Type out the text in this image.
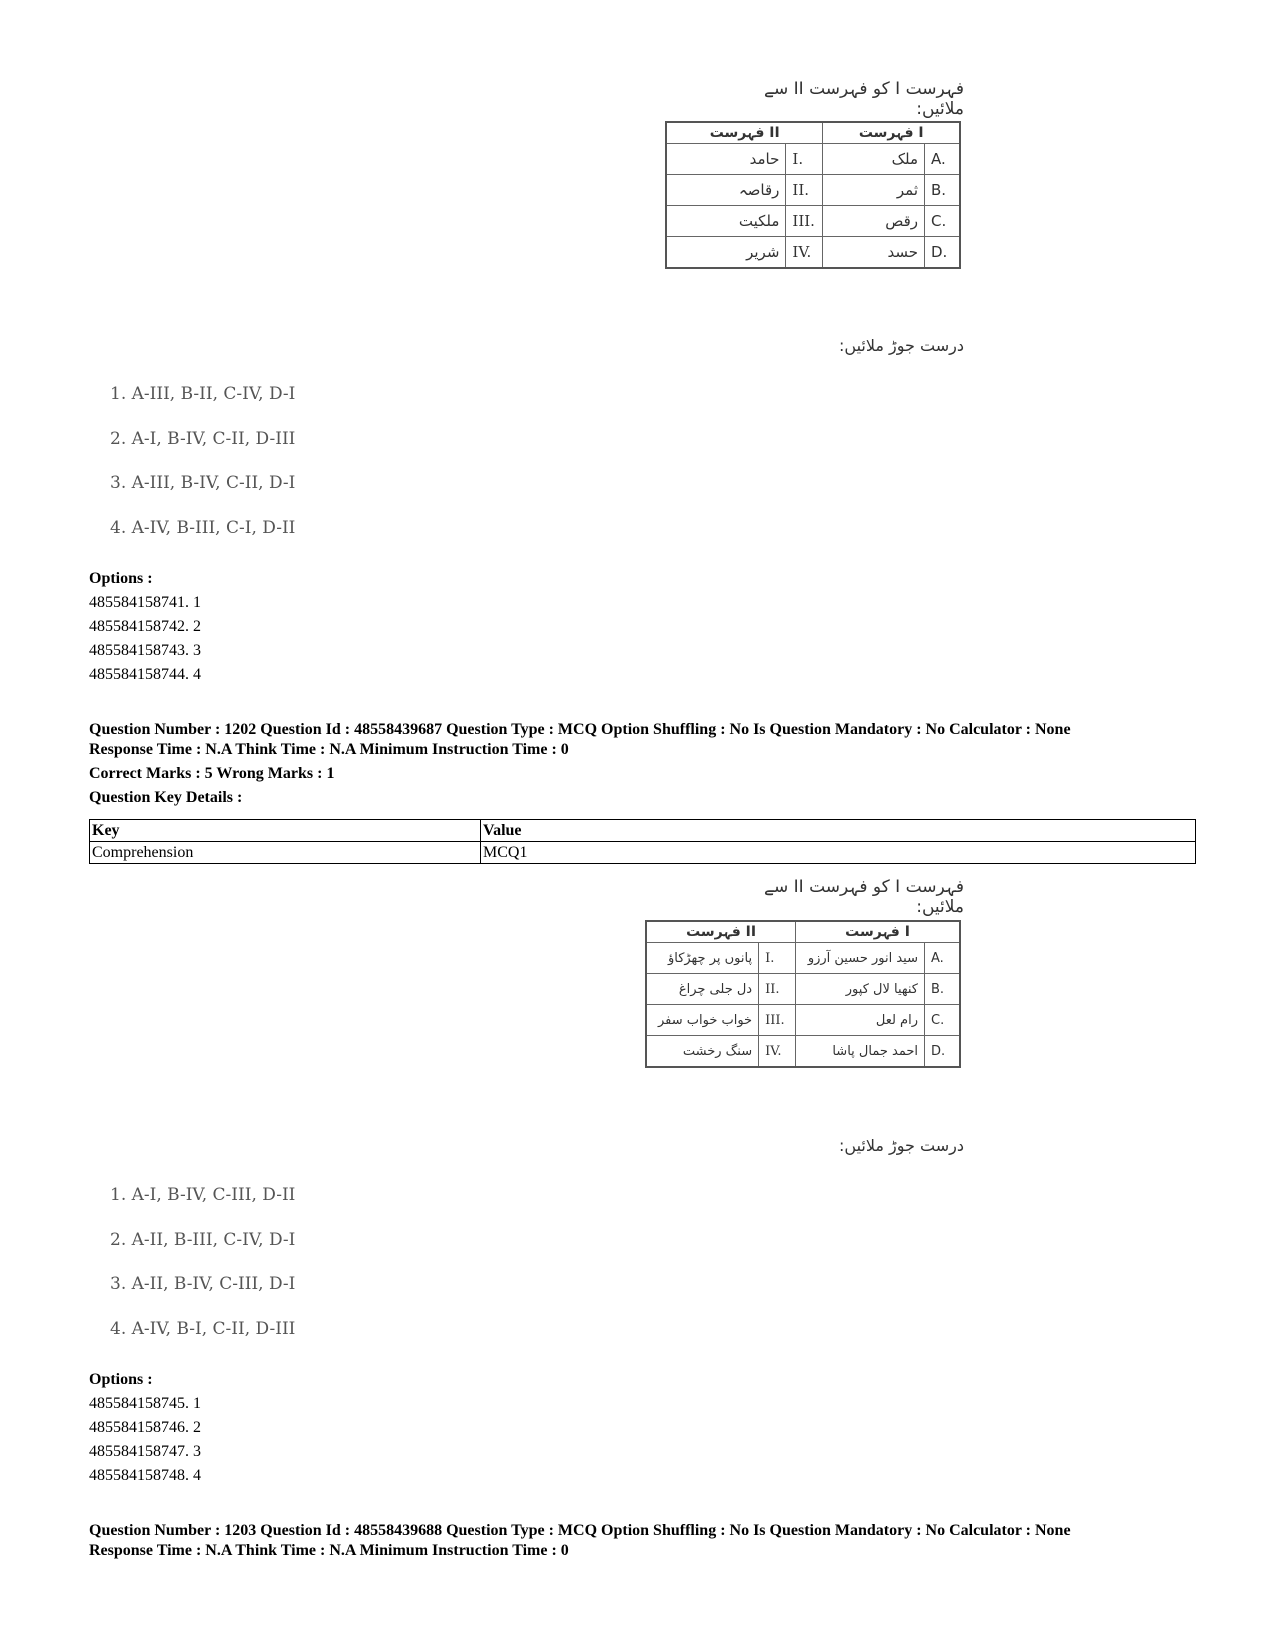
فہرست I کو فہرست II سے ملائیں:
فہرست II		فہرست I	
حامد	I.	ملک	A.
رقاصہ	II.	ثمر	B.
ملکیت	III.	رقص	C.
شریر	IV.	حسد	D.
درست جوڑ ملائیں:
1. A-III, B-II, C-IV, D-I
2. A-I, B-IV, C-II, D-III
3. A-III, B-IV, C-II, D-I
4. A-IV, B-III, C-I, D-II
Options :
485584158741. 1
485584158742. 2
485584158743. 3
485584158744. 4
Question Number : 1202 Question Id : 48558439687 Question Type : MCQ Option Shuffling : No Is Question Mandatory : No Calculator : None
Response Time : N.A Think Time : N.A Minimum Instruction Time : 0
Correct Marks : 5 Wrong Marks : 1
Question Key Details :
Key	Value
Comprehension	MCQ1
فہرست I کو فہرست II سے ملائیں:
فہرست II		فہرست I	
پانوں پر چھڑکاؤ	I.	سید انور حسین آرزو	A.
دل جلی چراغ	II.	کنھیا لال کپور	B.
خواب خواب سفر	III.	رام لعل	C.
سنگ رخشت	IV.	احمد جمال پاشا	D.
درست جوڑ ملائیں:
1. A-I, B-IV, C-III, D-II
2. A-II, B-III, C-IV, D-I
3. A-II, B-IV, C-III, D-I
4. A-IV, B-I, C-II, D-III
Options :
485584158745. 1
485584158746. 2
485584158747. 3
485584158748. 4
Question Number : 1203 Question Id : 48558439688 Question Type : MCQ Option Shuffling : No Is Question Mandatory : No Calculator : None
Response Time : N.A Think Time : N.A Minimum Instruction Time : 0
